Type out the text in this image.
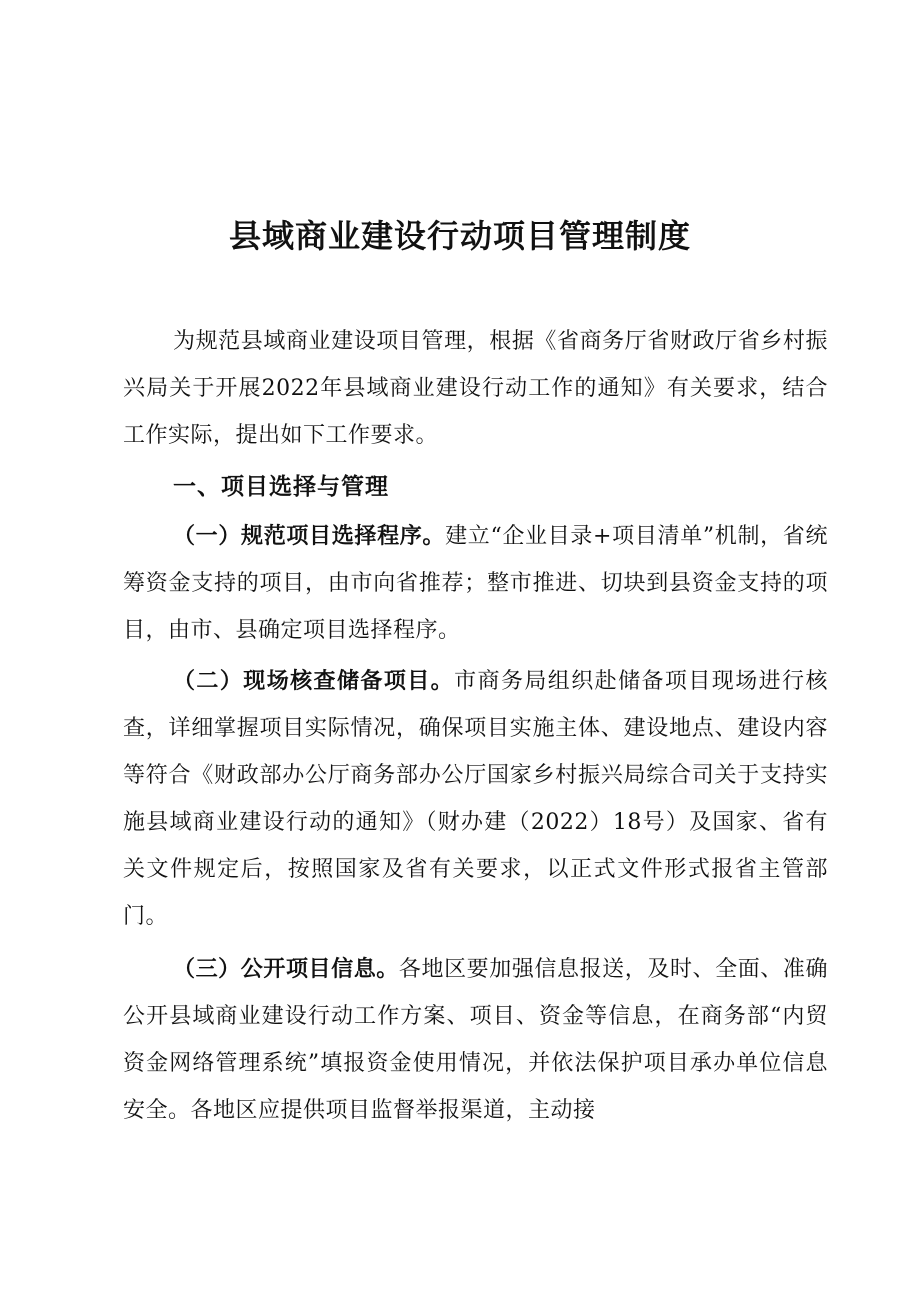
县域商业建设行动项目管理制度

为规范县域商业建设项目管理，根据《省商务厅省财政厅省乡村振兴局关于开展2022年县域商业建设行动工作的通知》有关要求，结合工作实际，提出如下工作要求。

一、项目选择与管理

（一）规范项目选择程序。建立“企业目录+项目清单”机制，省统筹资金支持的项目，由市向省推荐；整市推进、切块到县资金支持的项目，由市、县确定项目选择程序。

（二）现场核查储备项目。市商务局组织赴储备项目现场进行核查，详细掌握项目实际情况，确保项目实施主体、建设地点、建设内容等符合《财政部办公厅商务部办公厅国家乡村振兴局综合司关于支持实施县域商业建设行动的通知》（财办建（2022）18号）及国家、省有关文件规定后，按照国家及省有关要求，以正式文件形式报省主管部门。

（三）公开项目信息。各地区要加强信息报送，及时、全面、准确公开县域商业建设行动工作方案、项目、资金等信息，在商务部“内贸资金网络管理系统”填报资金使用情况，并依法保护项目承办单位信息安全。各地区应提供项目监督举报渠道，主动接
